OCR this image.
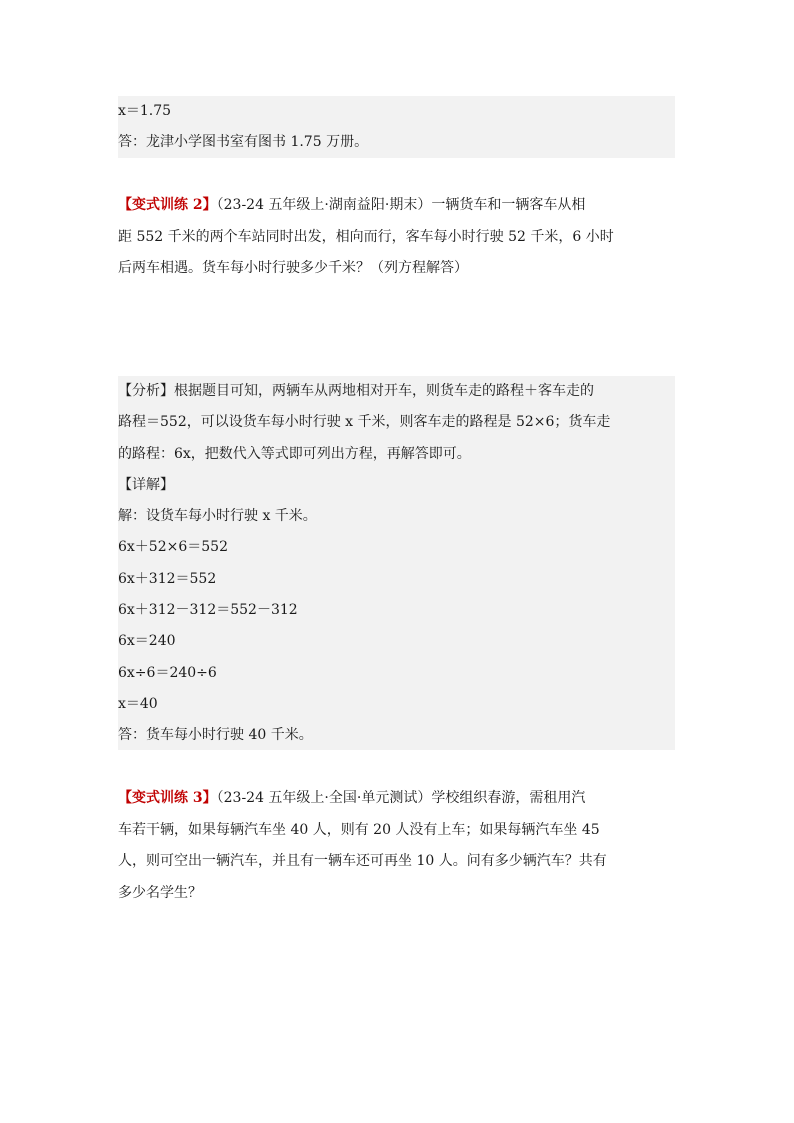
x＝1.75
答：龙津小学图书室有图书 1.75 万册。
【变式训练 2】（23-24 五年级上·湖南益阳·期末）一辆货车和一辆客车从相
距 552 千米的两个车站同时出发，相向而行，客车每小时行驶 52 千米，6 小时
后两车相遇。货车每小时行驶多少千米？（列方程解答）
【分析】根据题目可知，两辆车从两地相对开车，则货车走的路程＋客车走的
路程＝552，可以设货车每小时行驶 x 千米，则客车走的路程是 52×6；货车走
的路程：6x，把数代入等式即可列出方程，再解答即可。
【详解】
解：设货车每小时行驶 x 千米。
6x＋52×6＝552
6x＋312＝552
6x＋312－312＝552－312
6x＝240
6x÷6＝240÷6
x＝40
答：货车每小时行驶 40 千米。
【变式训练 3】（23-24 五年级上·全国·单元测试）学校组织春游，需租用汽
车若干辆，如果每辆汽车坐 40 人，则有 20 人没有上车；如果每辆汽车坐 45
人，则可空出一辆汽车，并且有一辆车还可再坐 10 人。问有多少辆汽车？共有
多少名学生？
